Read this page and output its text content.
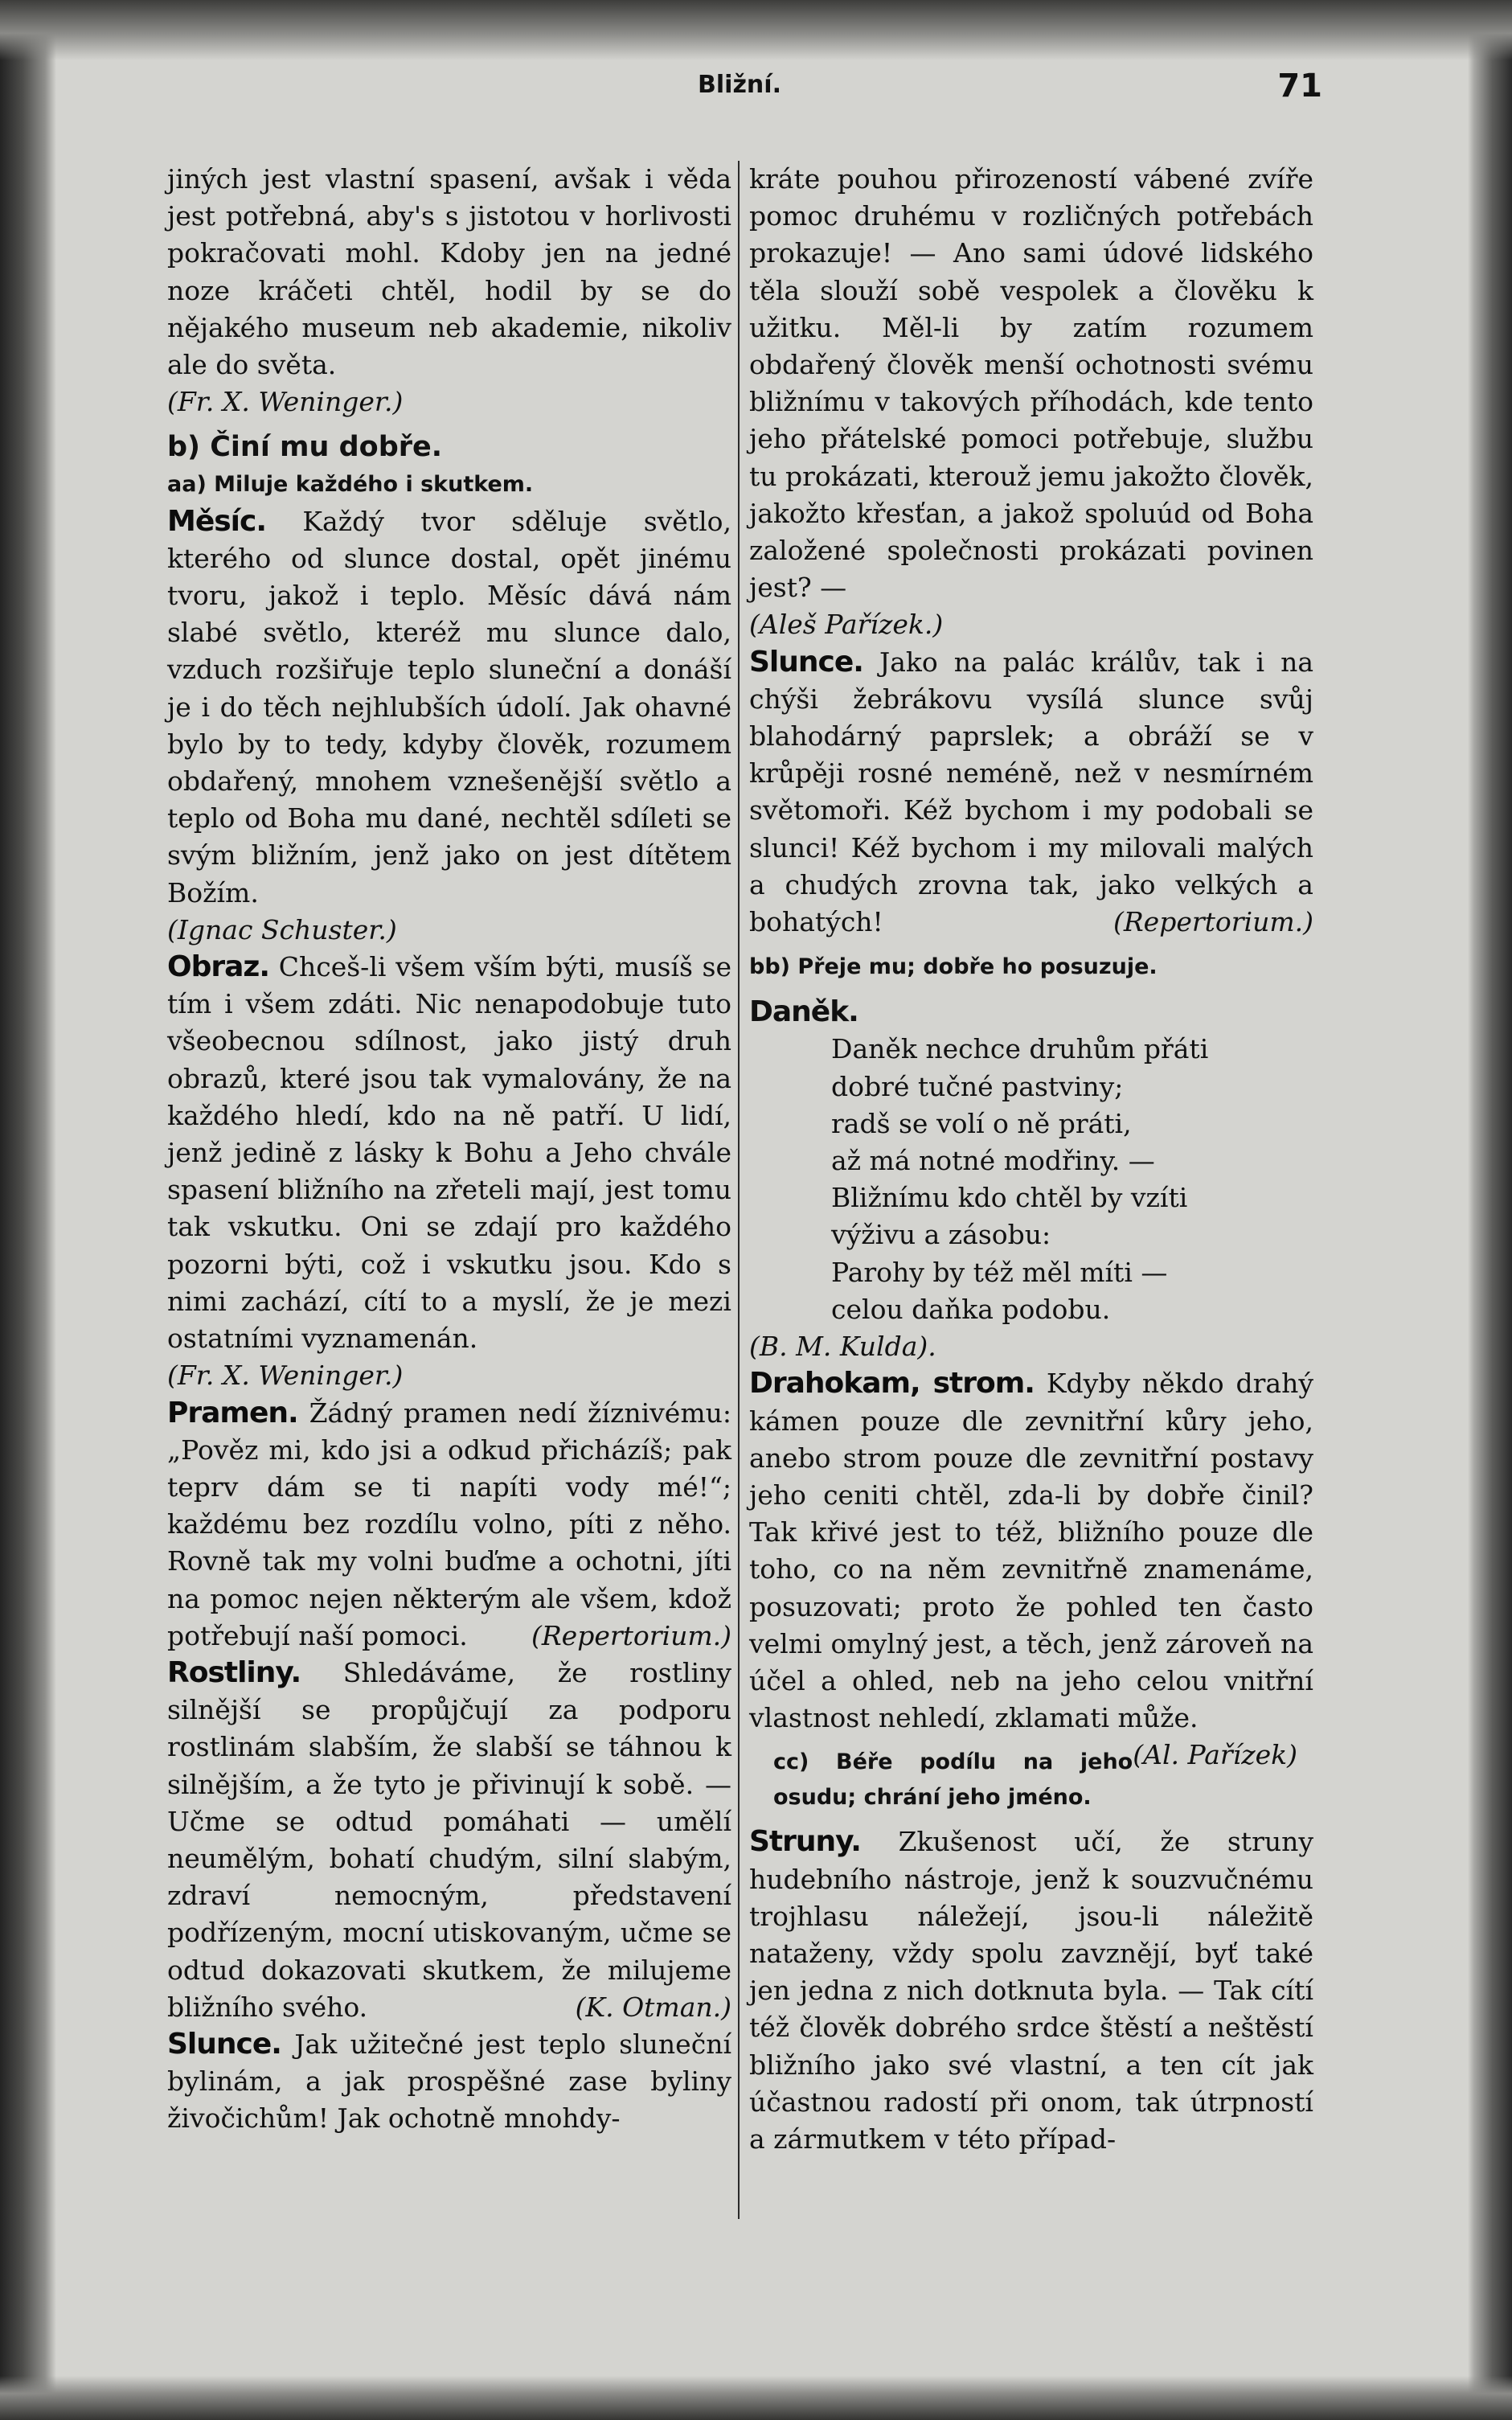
Bližní.	71

jiných jest vlastní spasení, avšak i věda jest potřebná, aby's s jistotou v horlivosti pokračovati mohl. Kdoby jen na jedné noze kráčeti chtěl, hodil by se do nějakého museum neb akademie, nikoliv ale do světa.

(Fr. X. Weninger.)

b) Činí mu dobře.

aa) Miluje každého i skutkem.

Měsíc. Každý tvor sděluje světlo, kterého od slunce dostal, opět jinému tvoru, jakož i teplo. Měsíc dává nám slabé světlo, kteréž mu slunce dalo, vzduch rozšiřuje teplo sluneční a donáší je i do těch nejhlubších údolí. Jak ohavné bylo by to tedy, kdyby člověk, rozumem obdařený, mnohem vznešenější světlo a teplo od Boha mu dané, nechtěl sdíleti se svým bližním, jenž jako on jest dítětem Božím.

(Ignac Schuster.)

Obraz. Chceš-li všem vším býti, musíš se tím i všem zdáti. Nic nenapodobuje tuto všeobecnou sdílnost, jako jistý druh obrazů, které jsou tak vymalovány, že na každého hledí, kdo na ně patří. U lidí, jenž jedině z lásky k Bohu a Jeho chvále spasení bližního na zřeteli mají, jest tomu tak vskutku. Oni se zdají pro každého pozorni býti, což i vskutku jsou. Kdo s nimi zachází, cítí to a myslí, že je mezi ostatními vyznamenán.

(Fr. X. Weninger.)

Pramen. Žádný pramen nedí žíznivému: „Pověz mi, kdo jsi a odkud přicházíš; pak teprv dám se ti napíti vody mé!“; každému bez rozdílu volno, píti z něho. Rovně tak my volni buďme a ochotni, jíti na pomoc nejen některým ale všem, kdož potřebují naší pomoci. (Repertorium.)

Rostliny. Shledáváme, že rostliny silnější se propůjčují za podporu rostlinám slabším, že slabší se táhnou k silnějším, a že tyto je přivinují k sobě. — Učme se odtud pomáhati — umělí neumělým, bohatí chudým, silní slabým, zdraví nemocným, představení podřízeným, mocní utiskovaným, učme se odtud dokazovati skutkem, že milujeme bližního svého.	(K. Otman.)

Slunce. Jak užitečné jest teplo sluneční bylinám, a jak prospěšné zase byliny živočichům! Jak ochotně mnohdy-

kráte pouhou přirozeností vábené zvíře pomoc druhému v rozličných potřebách prokazuje! — Ano sami údové lidského těla slouží sobě vespolek a člověku k užitku. Měl-li by zatím rozumem obdařený člověk menší ochotnosti svému bližnímu v takových příhodách, kde tento jeho přátelské pomoci potřebuje, službu tu prokázati, kterouž jemu jakožto člověk, jakožto křesťan, a jakož spoluúd od Boha založené společnosti prokázati povinen jest? —

(Aleš Pařízek.)

Slunce. Jako na palác králův, tak i na chýši žebrákovu vysílá slunce svůj blahodárný paprslek; a obráží se v krůpěji rosné neméně, než v nesmírném světomoři. Kéž bychom i my podobali se slunci! Kéž bychom i my milovali malých a chudých zrovna tak, jako velkých a bohatých!	(Repertorium.)

bb) Přeje mu; dobře ho posuzuje.

Daněk.

Daněk nechce druhům přáti
dobré tučné pastviny;
radš se volí o ně práti,
až má notné modřiny. —
Bližnímu kdo chtěl by vzíti
výživu a zásobu:
Parohy by též měl míti —
celou daňka podobu.

(B. M. Kulda).

Drahokam, strom. Kdyby někdo drahý kámen pouze dle zevnitřní kůry jeho, anebo strom pouze dle zevnitřní postavy jeho ceniti chtěl, zda-li by dobře činil? Tak křivé jest to též, bližního pouze dle toho, co na něm zevnitřně znamenáme, posuzovati; proto že pohled ten často velmi omylný jest, a těch, jenž zároveň na účel a ohled, neb na jeho celou vnitřní vlastnost nehledí, zklamati může.
(Al. Pařízek)

cc) Béře podílu na jeho osudu; chrání jeho jméno.

Struny. Zkušenost učí, že struny hudebního nástroje, jenž k souzvučnému trojhlasu náležejí, jsou-li náležitě nataženy, vždy spolu zavznějí, byť také jen jedna z nich dotknuta byla. — Tak cítí též člověk dobrého srdce štěstí a neštěstí bližního jako své vlastní, a ten cít jak účastnou radostí při onom, tak útrpností a zármutkem v této případ-
